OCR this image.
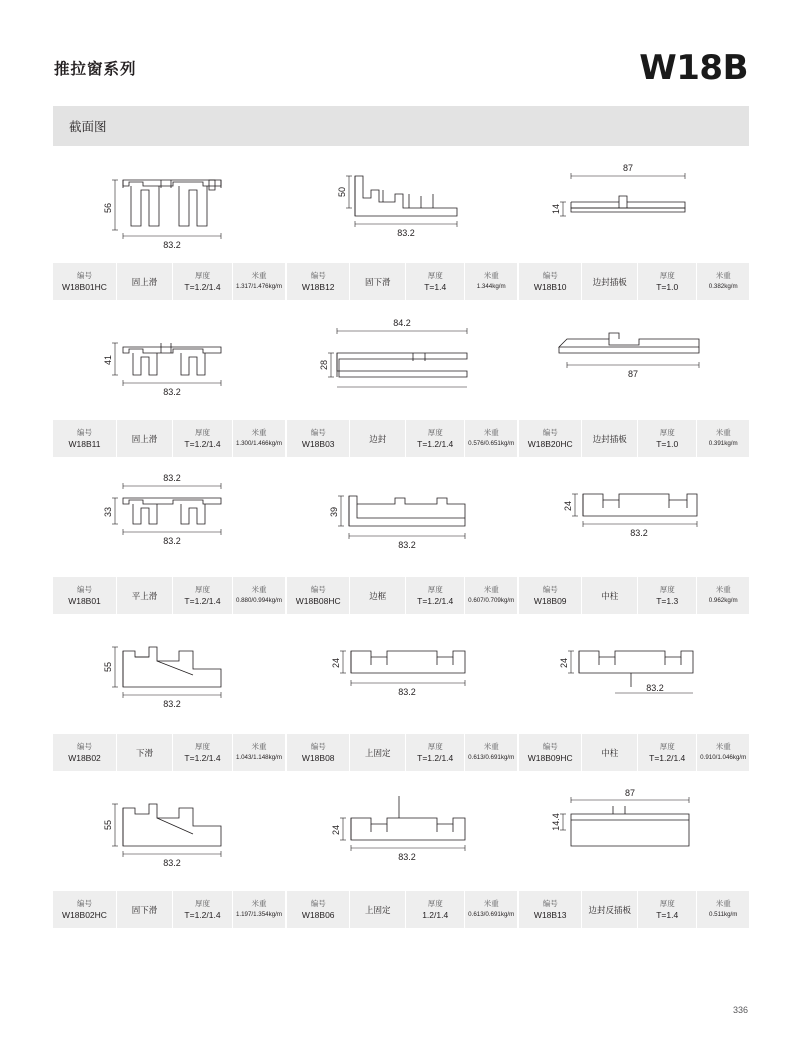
推拉窗系列	W18B
截面图
56
83.2
编号
W18B01HC
固上滑
厚度
T=1.2/1.4
米重
1.317/1.476kg/m
50
83.2
编号
W18B12
固下滑
厚度
T=1.4
米重
1.344kg/m
87
14
编号
W18B10
边封插板
厚度
T=1.0
米重
0.382kg/m
41
83.2
编号
W18B11
固上滑
厚度
T=1.2/1.4
米重
1.300/1.466kg/m
84.2
28
编号
W18B03
边封
厚度
T=1.2/1.4
米重
0.576/0.651kg/m
87
编号
W18B20HC
边封插板
厚度
T=1.0
米重
0.391kg/m
83.2
33
83.2
编号
W18B01
平上滑
厚度
T=1.2/1.4
米重
0.880/0.994kg/m
39
83.2
编号
W18B08HC
边框
厚度
T=1.2/1.4
米重
0.607/0.709kg/m
24
83.2
编号
W18B09
中柱
厚度
T=1.3
米重
0.962kg/m
55
83.2
编号
W18B02
下滑
厚度
T=1.2/1.4
米重
1.043/1.148kg/m
24
83.2
编号
W18B08
上固定
厚度
T=1.2/1.4
米重
0.613/0.691kg/m
24
83.2
编号
W18B09HC
中柱
厚度
T=1.2/1.4
米重
0.910/1.046kg/m
55
83.2
编号
W18B02HC
固下滑
厚度
T=1.2/1.4
米重
1.197/1.354kg/m
24
83.2
编号
W18B06
上固定
厚度
1.2/1.4
米重
0.613/0.691kg/m
87
14.4
编号
W18B13
边封反插板
厚度
T=1.4
米重
0.511kg/m
336
